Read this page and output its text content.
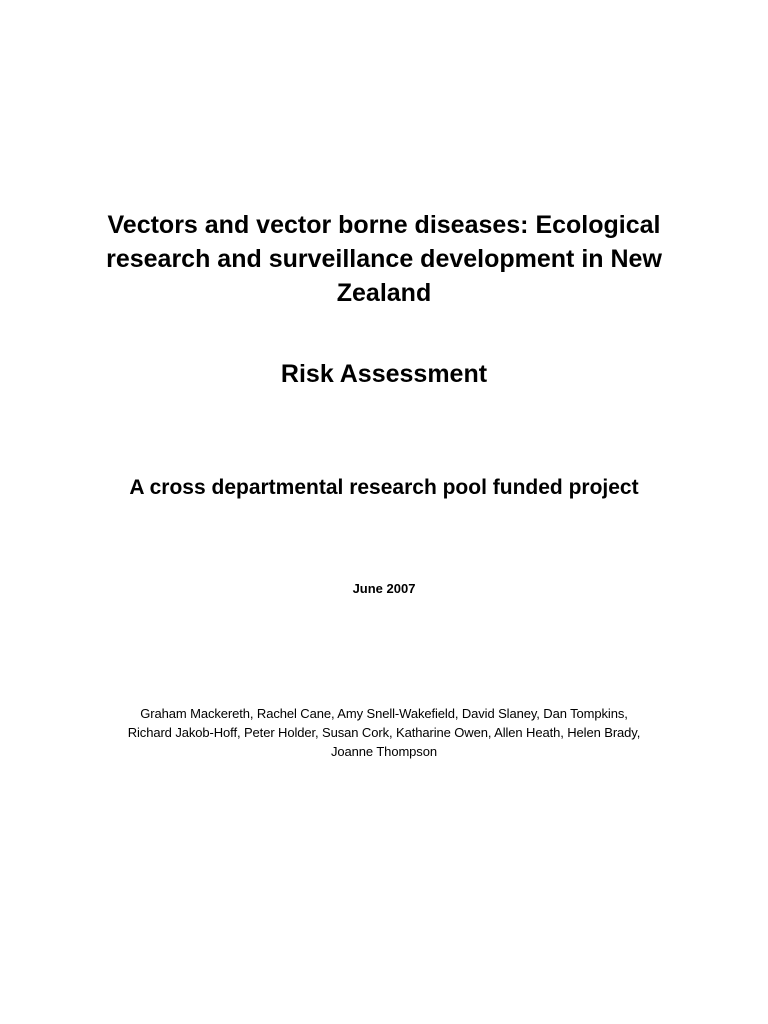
Vectors and vector borne diseases: Ecological
research and surveillance development in New
Zealand
Risk Assessment
A cross departmental research pool funded project

June 2007

Graham Mackereth, Rachel Cane, Amy Snell-Wakefield, David Slaney, Dan Tompkins,
Richard Jakob-Hoff, Peter Holder, Susan Cork, Katharine Owen, Allen Heath, Helen Brady,
Joanne Thompson
